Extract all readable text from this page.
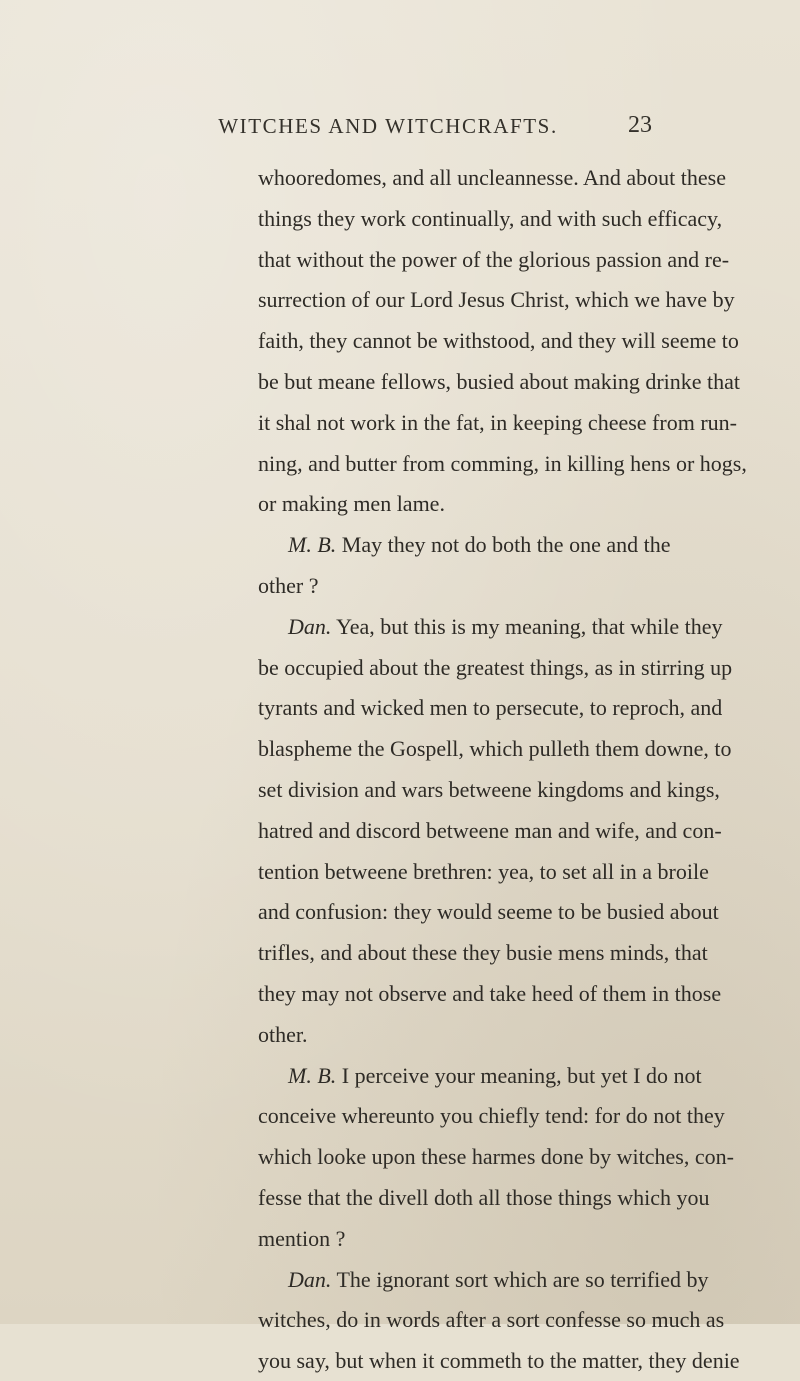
WITCHES AND WITCHCRAFTS.	23
whooredomes, and all uncleannesse. And about these
things they work continually, and with such efficacy,
that without the power of the glorious passion and re-
surrection of our Lord Jesus Christ, which we have by
faith, they cannot be withstood, and they will seeme to
be but meane fellows, busied about making drinke that
it shal not work in the fat, in keeping cheese from run-
ning, and butter from comming, in killing hens or hogs,
or making men lame.
M. B. May they not do both the one and the
other ?
Dan. Yea, but this is my meaning, that while they
be occupied about the greatest things, as in stirring up
tyrants and wicked men to persecute, to reproch, and
blaspheme the Gospell, which pulleth them downe, to
set division and wars betweene kingdoms and kings,
hatred and discord betweene man and wife, and con-
tention betweene brethren: yea, to set all in a broile
and confusion: they would seeme to be busied about
trifles, and about these they busie mens minds, that
they may not observe and take heed of them in those
other.
M. B. I perceive your meaning, but yet I do not
conceive whereunto you chiefly tend: for do not they
which looke upon these harmes done by witches, con-
fesse that the divell doth all those things which you
mention ?
Dan. The ignorant sort which are so terrified by
witches, do in words after a sort confesse so much as
you say, but when it commeth to the matter, they denie
